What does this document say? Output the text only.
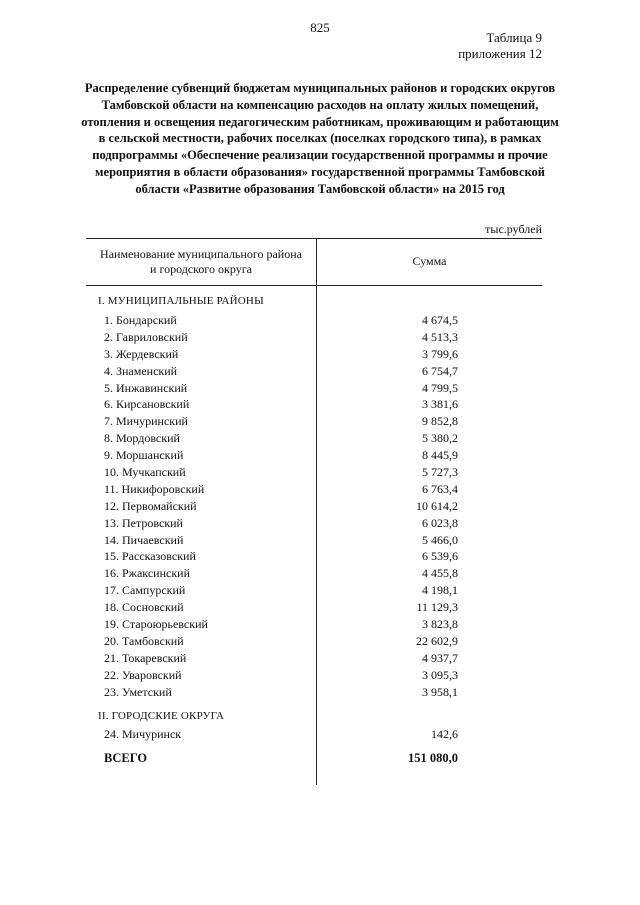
825
Таблица 9
приложения 12
Распределение субвенций бюджетам муниципальных районов и городских округов Тамбовской области на компенсацию расходов на оплату жилых помещений, отопления и освещения педагогическим работникам, проживающим и работающим в сельской местности, рабочих поселках (поселках городского типа), в рамках подпрограммы «Обеспечение реализации государственной программы и прочие мероприятия в области образования» государственной программы Тамбовской области «Развитие образования Тамбовской области» на 2015 год
тыс.рублей
Наименование муниципального района
и городского округа
Сумма
I. МУНИЦИПАЛЬНЫЕ РАЙОНЫ
1. Бондарский	4 674,5
2. Гавриловский	4 513,3
3. Жердевский	3 799,6
4. Знаменский	6 754,7
5. Инжавинский	4 799,5
6. Кирсановский	3 381,6
7. Мичуринский	9 852,8
8. Мордовский	5 380,2
9. Моршанский	8 445,9
10. Мучкапский	5 727,3
11. Никифоровский	6 763,4
12. Первомайский	10 614,2
13. Петровский	6 023,8
14. Пичаевский	5 466,0
15. Рассказовский	6 539,6
16. Ржаксинский	4 455,8
17. Сампурский	4 198,1
18. Сосновский	11 129,3
19. Староюрьевский	3 823,8
20. Тамбовский	22 602,9
21. Токаревский	4 937,7
22. Уваровский	3 095,3
23. Уметский	3 958,1
II. ГОРОДСКИЕ ОКРУГА
24. Мичуринск	142,6
ВСЕГО	151 080,0
